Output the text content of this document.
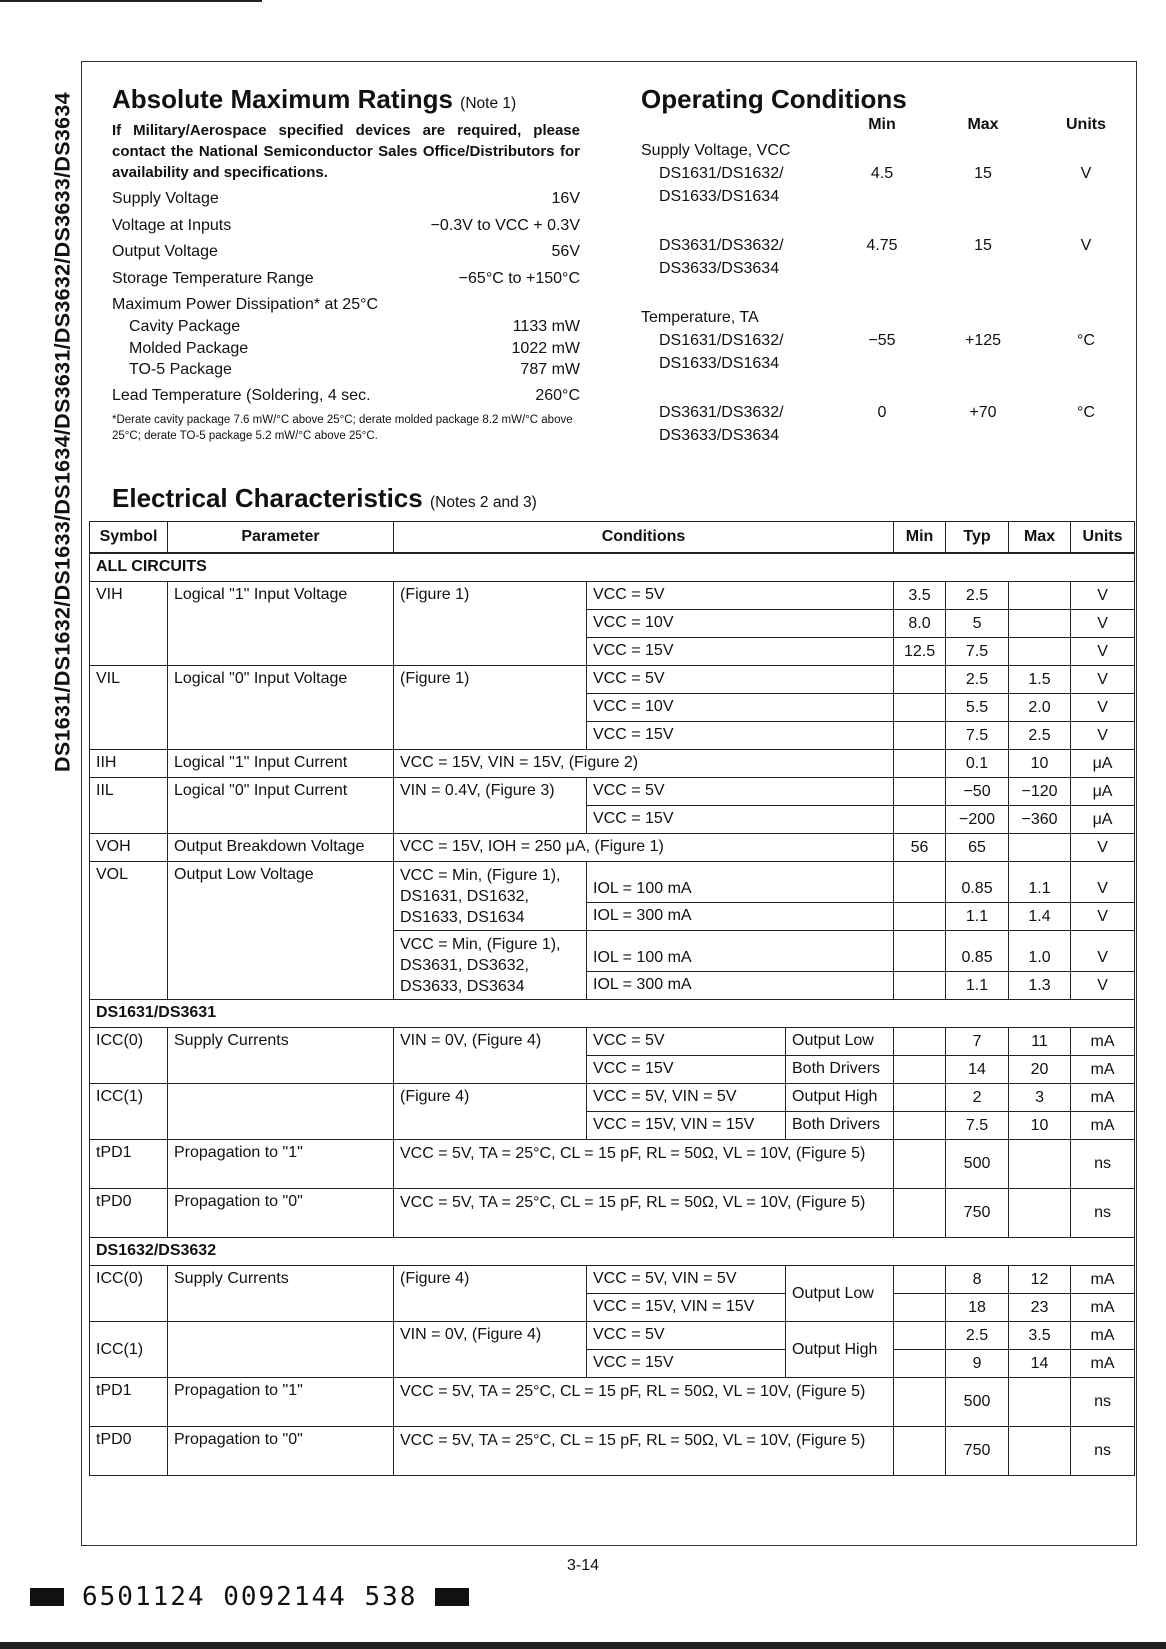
DS1631/DS1632/DS1633/DS1634/DS3631/DS3632/DS3633/DS3634 Absolute Maximum Ratings (Note 1)
If Military/Aerospace specified devices are required, please contact the National Semiconductor Sales Office/Distributors for availability and specifications.
Supply Voltage	16V
Voltage at Inputs	−0.3V to VCC + 0.3V
Output Voltage	56V
Storage Temperature Range	−65°C to +150°C
Maximum Power Dissipation* at 25°C
Cavity Package	1133 mW
Molded Package	1022 mW
TO-5 Package	787 mW
Lead Temperature (Soldering, 4 sec.	260°C
*Derate cavity package 7.6 mW/°C above 25°C; derate molded package 8.2 mW/°C above 25°C; derate TO-5 package 5.2 mW/°C above 25°C.
Operating Conditions
Min	Max	Units
Supply Voltage, VCC
DS1631/DS1632/
DS1633/DS1634
4.5	15	V
DS3631/DS3632/
DS3633/DS3634
4.75	15	V
Temperature, TA
DS1631/DS1632/
DS1633/DS1634
−55	+125	°C
DS3631/DS3632/
DS3633/DS3634
0	+70	°C
Electrical Characteristics (Notes 2 and 3)
Symbol	Parameter	Conditions			Min	Typ	Max	Units
ALL CIRCUITS								
VIH	Logical "1" Input Voltage	(Figure 1)	VCC = 5V		3.5	2.5		V
			VCC = 10V		8.0	5		V
			VCC = 15V		12.5	7.5		V
VIL	Logical "0" Input Voltage	(Figure 1)	VCC = 5V			2.5	1.5	V
			VCC = 10V			5.5	2.0	V
			VCC = 15V			7.5	2.5	V
IIH	Logical "1" Input Current	VCC = 15V, VIN = 15V, (Figure 2)				0.1	10	μA
IIL	Logical "0" Input Current	VIN = 0.4V, (Figure 3)	VCC = 5V			−50	−120	μA
			VCC = 15V			−200	−360	μA
VOH	Output Breakdown Voltage	VCC = 15V, IOH = 250 μA, (Figure 1)			56	65		V
VOL	Output Low Voltage	VCC = Min, (Figure 1), DS1631, DS1632, DS1633, DS1634	IOL = 100 mA			0.85	1.1	V
			IOL = 300 mA			1.1	1.4	V
		VCC = Min, (Figure 1), DS3631, DS3632, DS3633, DS3634	IOL = 100 mA			0.85	1.0	V
			IOL = 300 mA			1.1	1.3	V
DS1631/DS3631								
ICC(0)	Supply Currents	VIN = 0V, (Figure 4)	VCC = 5V	Output Low		7	11	mA
			VCC = 15V	Both Drivers		14	20	mA
ICC(1)		(Figure 4)	VCC = 5V, VIN = 5V	Output High		2	3	mA
			VCC = 15V, VIN = 15V	Both Drivers		7.5	10	mA
tPD1	Propagation to "1"	VCC = 5V, TA = 25°C, CL = 15 pF, RL = 50Ω, VL = 10V, (Figure 5)				500		ns
tPD0	Propagation to "0"	VCC = 5V, TA = 25°C, CL = 15 pF, RL = 50Ω, VL = 10V, (Figure 5)				750		ns
DS1632/DS3632								
ICC(0)	Supply Currents	(Figure 4)	VCC = 5V, VIN = 5V	Output Low		8	12	mA
			VCC = 15V, VIN = 15V			18	23	mA
ICC(1)		VIN = 0V, (Figure 4)	VCC = 5V	Output High		2.5	3.5	mA
			VCC = 15V			9	14	mA
tPD1	Propagation to "1"	VCC = 5V, TA = 25°C, CL = 15 pF, RL = 50Ω, VL = 10V, (Figure 5)				500		ns
tPD0	Propagation to "0"	VCC = 5V, TA = 25°C, CL = 15 pF, RL = 50Ω, VL = 10V, (Figure 5)				750		ns
3-14
6501124 0092144 538
